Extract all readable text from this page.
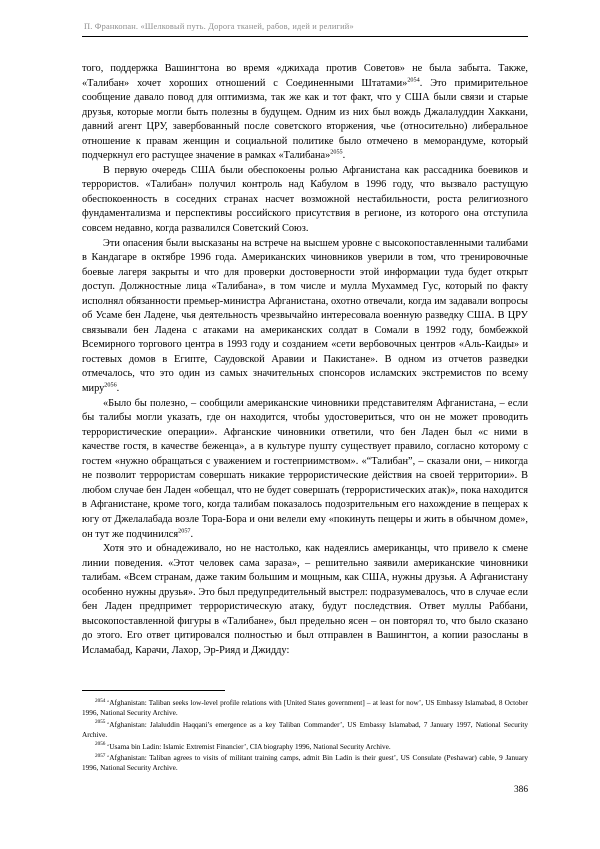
П. Франкопан. «Шелковый путь. Дорога тканей, рабов, идей и религий»

того, поддержка Вашингтона во время «джихада против Советов» не была забыта. Также, «Талибан» хочет хороших отношений с Соединенными Штатами»$^{2054}$. Это примирительное сообщение давало повод для оптимизма, так же как и тот факт, что у США были связи и старые друзья, которые могли быть полезны в будущем. Одним из них был вождь Джалалуддин Хаккани, давний агент ЦРУ, завербованный после советского вторжения, чье (относительно) либеральное отношение к правам женщин и социальной политике было отмечено в меморандуме, который подчеркнул его растущее значение в рамках «Талибана»$^{2055}$.

В первую очередь США были обеспокоены ролью Афганистана как рассадника боевиков и террористов. «Талибан» получил контроль над Кабулом в 1996 году, что вызвало растущую обеспокоенность в соседних странах насчет возможной нестабильности, роста религиозного фундаментализма и перспективы российского присутствия в регионе, из которого она отступила совсем недавно, когда развалился Советский Союз.

Эти опасения были высказаны на встрече на высшем уровне с высокопоставленными талибами в Кандагаре в октябре 1996 года. Американских чиновников уверили в том, что тренировочные боевые лагеря закрыты и что для проверки достоверности этой информации туда будет открыт доступ. Должностные лица «Талибана», в том числе и мулла Мухаммед Гус, который по факту исполнял обязанности премьер-министра Афганистана, охотно отвечали, когда им задавали вопросы об Усаме бен Ладене, чья деятельность чрезвычайно интересовала военную разведку США. В ЦРУ связывали бен Ладена с атаками на американских солдат в Сомали в 1992 году, бомбежкой Всемирного торгового центра в 1993 году и созданием «сети вербовочных центров «Аль-Каиды» и гостевых домов в Египте, Саудовской Аравии и Пакистане». В одном из отчетов разведки отмечалось, что это один из самых значительных спонсоров исламских экстремистов по всему миру$^{2056}$.

«Было бы полезно, – сообщили американские чиновники представителям Афганистана, – если бы талибы могли указать, где он находится, чтобы удостовериться, что он не может проводить террористические операции». Афганские чиновники ответили, что бен Ладен был «с ними в качестве гостя, в качестве беженца», а в культуре пушту существует правило, согласно которому с гостем «нужно обращаться с уважением и гостеприимством». «“Талибан”, – сказали они, – никогда не позволит террористам совершать никакие террористические действия на своей территории». В любом случае бен Ладен «обещал, что не будет совершать (террористических атак)», пока находится в Афганистане, кроме того, когда талибам показалось подозрительным его нахождение в пещерах к югу от Джелалабада возле Тора-Бора и они велели ему «покинуть пещеры и жить в обычном доме», он тут же подчинился$^{2057}$.

Хотя это и обнадеживало, но не настолько, как надеялись американцы, что привело к смене линии поведения. «Этот человек сама зараза», – решительно заявили американские чиновники талибам. «Всем странам, даже таким большим и мощным, как США, нужны друзья. А Афганистану особенно нужны друзья». Это был предупредительный выстрел: подразумевалось, что в случае если бен Ладен предпримет террористическую атаку, будут последствия. Ответ муллы Раббани, высокопоставленной фигуры в «Талибане», был предельно ясен – он повторял то, что было сказано до этого. Его ответ цитировался полностью и был отправлен в Вашингтон, а копии разосланы в Исламабад, Карачи, Лахор, Эр-Рияд и Джидду:

$^{2054}$ ‘Afghanistan: Taliban seeks low-level profile relations with [United States government] – at least for now’, US Embassy Islamabad, 8 October 1996, National Security Archive.

$^{2055}$ ‘Afghanistan: Jalaluddin Haqqani’s emergence as a key Taliban Commander’, US Embassy Islamabad, 7 January 1997, National Security Archive.

$^{2056}$ ‘Usama bin Ladin: Islamic Extremist Financier’, CIA biography 1996, National Security Archive.

$^{2057}$ ‘Afghanistan: Taliban agrees to visits of militant training camps, admit Bin Ladin is their guest’, US Consulate (Peshawar) cable, 9 January 1996, National Security Archive.

386
